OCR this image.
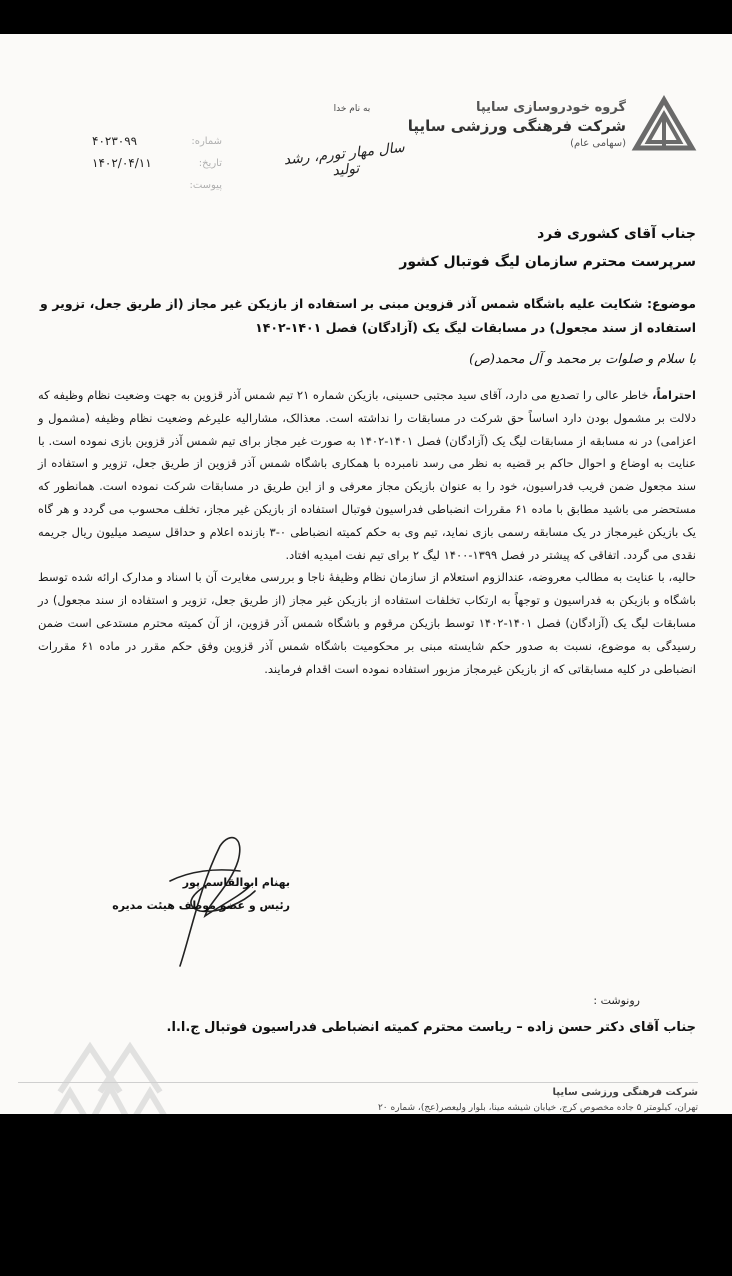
گروه خودروسازی سایپا
شرکت فرهنگی ورزشی سایپا
(سهامی عام)
به نام خدا
سال مهار تورم، رشد تولید
۴۰۲۳۰۹۹	شماره:
۱۴۰۲/۰۴/۱۱	تاریخ:
پیوست:
جناب آقای کشوری فرد
سرپرست محترم سازمان لیگ فوتبال کشور
موضوع: شکایت علیه باشگاه شمس آذر قزوین مبنی بر استفاده از بازیکن غیر مجاز (از طریق جعل، تزویر و استفاده از سند مجعول) در مسابقات لیگ یک (آزادگان) فصل ۱۴۰۱-۱۴۰۲
با سلام و صلوات بر محمد و آل محمد(ص)

احتراماً، خاطر عالی را تصدیع می دارد، آقای سید مجتبی حسینی، بازیکن شماره ۲۱ تیم شمس آذر قزوین به جهت وضعیت نظام وظیفه که دلالت بر مشمول بودن دارد اساساً حق شرکت در مسابقات را نداشته است. معذالک، مشارالیه علیرغم وضعیت نظام وظیفه (مشمول و اعزامی) در نه مسابقه از مسابقات لیگ یک (آزادگان) فصل ۱۴۰۱-۱۴۰۲ به صورت غیر مجاز برای تیم شمس آذر قزوین بازی نموده است. با عنایت به اوضاع و احوال حاکم بر قضیه به نظر می رسد نامبرده با همکاری باشگاه شمس آذر قزوین از طریق جعل، تزویر و استفاده از سند مجعول ضمن فریب فدراسیون، خود را به عنوان بازیکن مجاز معرفی و از این طریق در مسابقات شرکت نموده است. همانطور که مستحضر می باشید مطابق با ماده ۶۱ مقررات انضباطی فدراسیون فوتبال استفاده از بازیکن غیر مجاز، تخلف محسوب می گردد و هر گاه یک بازیکن غیرمجاز در یک مسابقه رسمی بازی نماید، تیم وی به حکم کمیته انضباطی ۰-۳ بازنده اعلام و حداقل سیصد میلیون ریال جریمه نقدی می گردد. اتفاقی که پیشتر در فصل ۱۳۹۹-۱۴۰۰ لیگ ۲ برای تیم نفت امیدیه افتاد.

حالیه، با عنایت به مطالب معروضه، عندالزوم استعلام از سازمان نظام وظیفهٔ ناجا و بررسی مغایرت آن با اسناد و مدارک ارائه شده توسط باشگاه و بازیکن به فدراسیون و توجهاً به ارتکاب تخلفات استفاده از بازیکن غیر مجاز (از طریق جعل، تزویر و استفاده از سند مجعول) در مسابقات لیگ یک (آزادگان) فصل ۱۴۰۱-۱۴۰۲ توسط بازیکن مرقوم و باشگاه شمس آذر قزوین، از آن کمیته محترم مستدعی است ضمن رسیدگی به موضوع، نسبت به صدور حکم شایسته مبنی بر محکومیت باشگاه شمس آذر قزوین وفق حکم مقرر در ماده ۶۱ مقررات انضباطی در کلیه مسابقاتی که از بازیکن غیرمجاز مزبور استفاده نموده است اقدام فرمایند.

بهنام ابوالقاسم پور
رئیس و عضو موظف هیئت مدیره
رونوشت :
جناب آقای دکتر حسن زاده – ریاست محترم کمیته انضباطی فدراسیون فوتبال ج.ا.ا.
شرکت فرهنگی ورزشی سایپا
تهران، کیلومتر ۵ جاده مخصوص کرج، خیابان شیشه مینا، بلوار ولیعصر(عج)، شماره ۲۰
